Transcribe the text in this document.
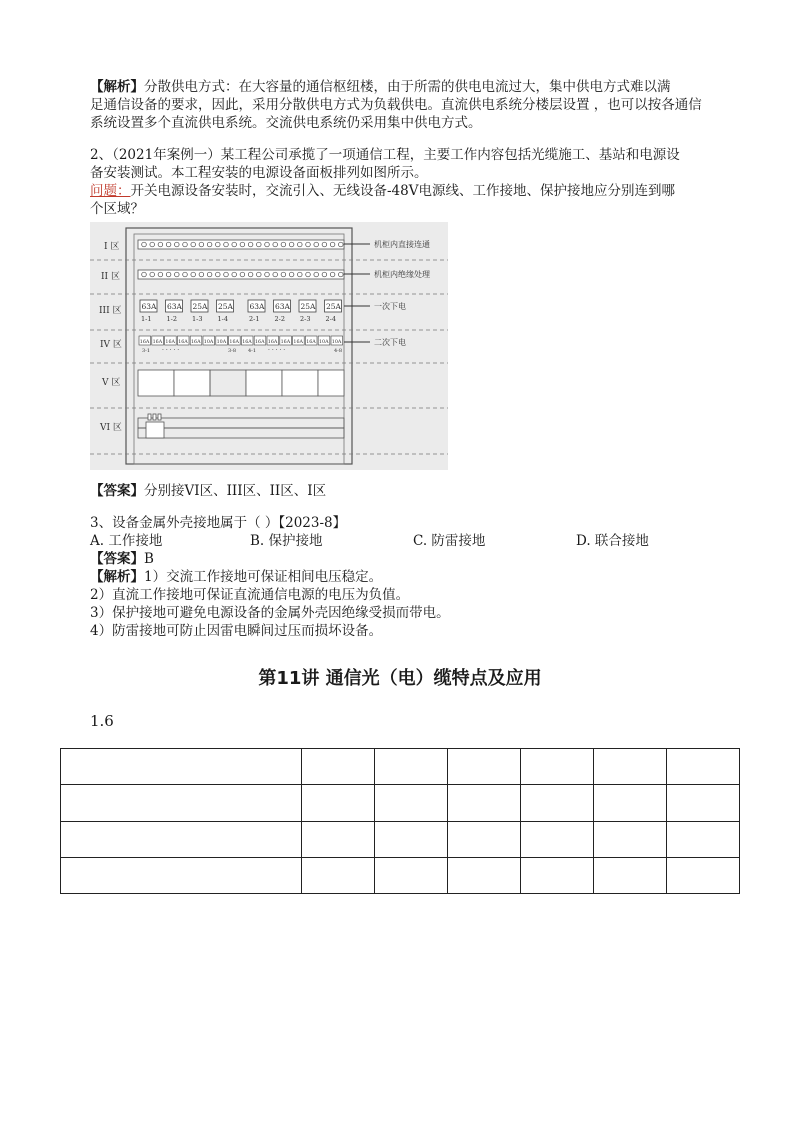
【解析】分散供电方式：在大容量的通信枢纽楼，由于所需的供电电流过大，集中供电方式难以满
足通信设备的要求，因此，采用分散供电方式为负载供电。直流供电系统分楼层设置 ，也可以按各通信
系统设置多个直流供电系统。交流供电系统仍采用集中供电方式。
2、（2021年案例一）某工程公司承揽了一项通信工程，主要工作内容包括光缆施工、基站和电源设
备安装测试。本工程安装的电源设备面板排列如图所示。
问题：开关电源设备安装时，交流引入、无线设备-48V电源线、工作接地、保护接地应分别连到哪
个区域？
I 区
II 区
III 区
IV 区
V 区
VI 区
63A
1-1
63A
1-2
25A
1-3
25A
1-4
63A
2-1
63A
2-2
25A
2-3
25A
2-4
16A 16A 16A 16A 16A 10A 10A 16A 16A 16A 16A 16A 16A 16A 10A 10A
3-1	3-8 4-1	4-8
· · · · ·	· · · · ·
机柜内直接连通
机柜内绝缘处理
一次下电
二次下电
【答案】分别接VI区、III区、II区、I区
3、设备金属外壳接地属于（ ）【2023-8】
A. 工作接地	B. 保护接地	C. 防雷接地	D. 联合接地
【答案】B
【解析】1）交流工作接地可保证相间电压稳定。
2）直流工作接地可保证直流通信电源的电压为负值。
3）保护接地可避免电源设备的金属外壳因绝缘受损而带电。
4）防雷接地可防止因雷电瞬间过压而损坏设备。
第11讲 通信光（电）缆特点及应用
1.6
